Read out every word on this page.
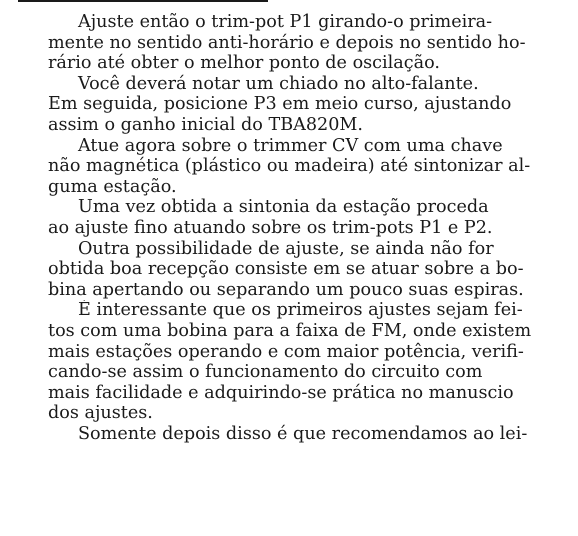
Ajuste então o trim-pot P1 girando-o primeira-
mente no sentido anti-horário e depois no sentido ho-
rário até obter o melhor ponto de oscilação.

Você deverá notar um chiado no alto-falante.
Em seguida, posicione P3 em meio curso, ajustando
assim o ganho inicial do TBA820M.

Atue agora sobre o trimmer CV com uma chave
não magnética (plástico ou madeira) até sintonizar al-
guma estação.

Uma vez obtida a sintonia da estação proceda
ao ajuste fino atuando sobre os trim-pots P1 e P2.

Outra possibilidade de ajuste, se ainda não for
obtida boa recepção consiste em se atuar sobre a bo-
bina apertando ou separando um pouco suas espiras.

É interessante que os primeiros ajustes sejam fei-
tos com uma bobina para a faixa de FM, onde existem
mais estações operando e com maior potência, verifi-
cando-se assim o funcionamento do circuito com
mais facilidade e adquirindo-se prática no manuscio
dos ajustes.

Somente depois disso é que recomendamos ao lei-
